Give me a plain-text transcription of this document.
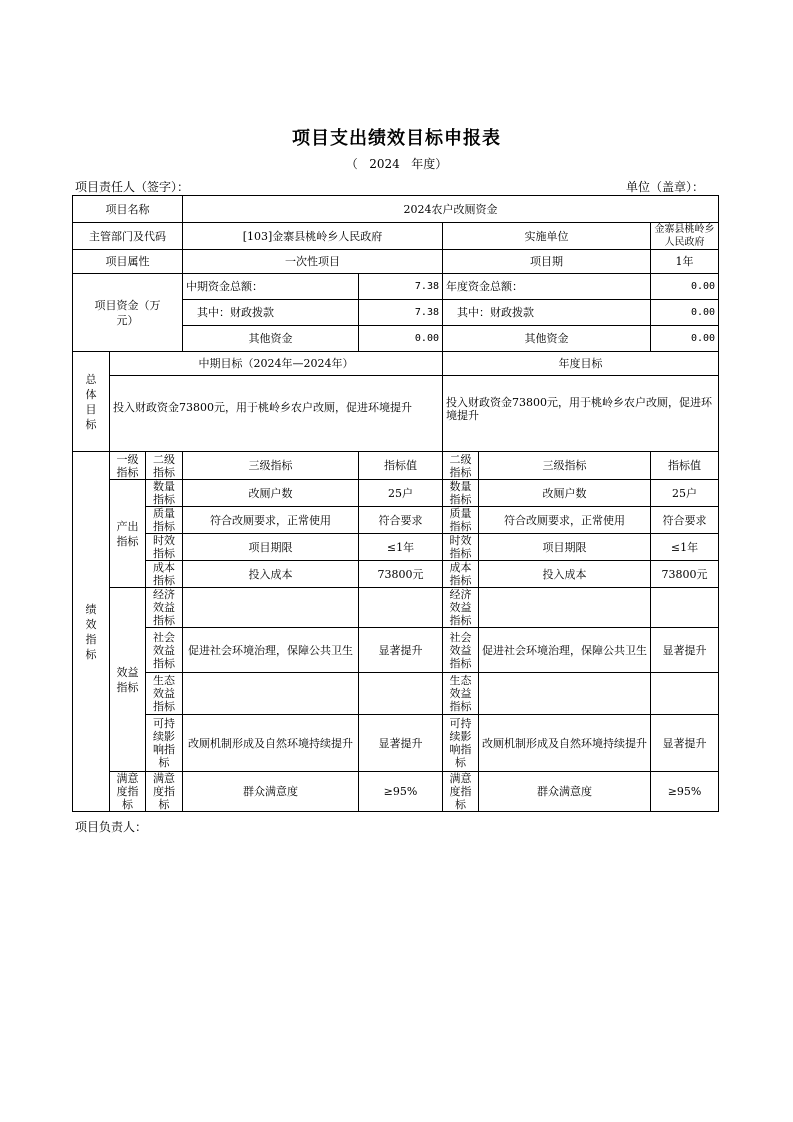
项目支出绩效目标申报表
（ 2024 年度）
项目责任人（签字）：	单位（盖章）：
项目名称			2024农户改厕资金				
主管部门及代码			[103]金寨县桃岭乡人民政府		实施单位		金寨县桃岭乡人民政府
项目属性			一次性项目		项目期		1年

项目资金（万元）			中期资金总额：	7.38	年度资金总额：		0.00
			其中：财政拨款	7.38	其中：财政拨款		0.00
			其他资金	0.00	其他资金		0.00

总体目标	中期目标（2024年—2024年）				年度目标		
	投入财政资金73800元，用于桃岭乡农户改厕，促进环境提升				投入财政资金73800元，用于桃岭乡农户改厕，促进环境提升		

绩效指标	一级指标	二级指标	三级指标	指标值	二级指标	三级指标	指标值

	产出指标	数量指标	改厕户数	25户	数量指标	改厕户数	25户
		质量指标	符合改厕要求，正常使用	符合要求	质量指标	符合改厕要求，正常使用	符合要求
		时效指标	项目期限	≤1年	时效指标	项目期限	≤1年
		成本指标	投入成本	73800元	成本指标	投入成本	73800元

	效益指标	经济效益指标			经济效益指标		
		社会效益指标	促进社会环境治理，保障公共卫生	显著提升	社会效益指标	促进社会环境治理，保障公共卫生	显著提升
		生态效益指标			生态效益指标		
		可持续影响指标	改厕机制形成及自然环境持续提升	显著提升	可持续影响指标	改厕机制形成及自然环境持续提升	显著提升
	满意度指标	满意度指标	群众满意度	≥95%	满意度指标	群众满意度	≥95%
项目负责人：
